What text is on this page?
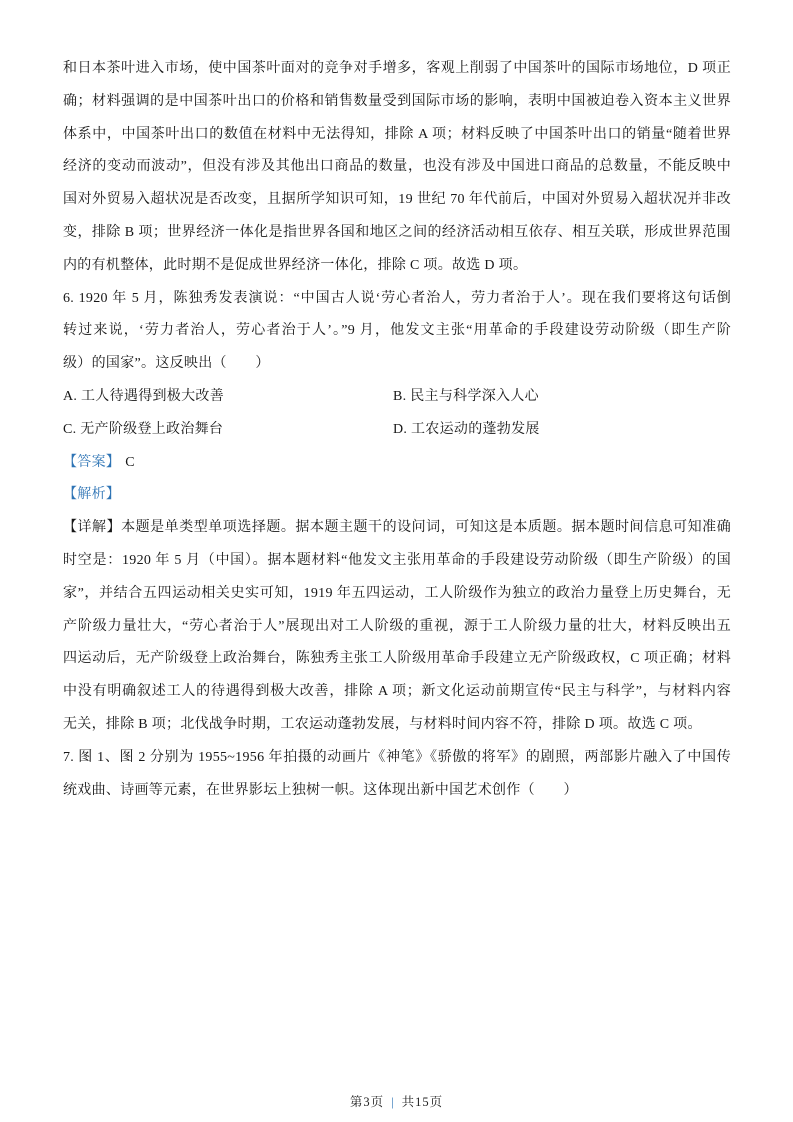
和日本茶叶进入市场，使中国茶叶面对的竞争对手增多，客观上削弱了中国茶叶的国际市场地位，D 项正
确；材料强调的是中国茶叶出口的价格和销售数量受到国际市场的影响，表明中国被迫卷入资本主义世界
体系中，中国茶叶出口的数值在材料中无法得知，排除 A 项；材料反映了中国茶叶出口的销量“随着世界
经济的变动而波动”，但没有涉及其他出口商品的数量，也没有涉及中国进口商品的总数量，不能反映中
国对外贸易入超状况是否改变，且据所学知识可知，19 世纪 70 年代前后，中国对外贸易入超状况并非改
变，排除 B 项；世界经济一体化是指世界各国和地区之间的经济活动相互依存、相互关联，形成世界范围
内的有机整体，此时期不是促成世界经济一体化，排除 C 项。故选 D 项。
6. 1920 年 5 月，陈独秀发表演说：“中国古人说‘劳心者治人，劳力者治于人’。现在我们要将这句话倒
转过来说，‘劳力者治人，劳心者治于人’。”9 月，他发文主张“用革命的手段建设劳动阶级（即生产阶
级）的国家”。这反映出（　　）
A. 工人待遇得到极大改善	B. 民主与科学深入人心
C. 无产阶级登上政治舞台	D. 工农运动的蓬勃发展
【答案】 C
【解析】
【详解】本题是单类型单项选择题。据本题主题干的设问词，可知这是本质题。据本题时间信息可知准确
时空是：1920 年 5 月（中国）。据本题材料“他发文主张用革命的手段建设劳动阶级（即生产阶级）的国
家”，并结合五四运动相关史实可知，1919 年五四运动，工人阶级作为独立的政治力量登上历史舞台，无
产阶级力量壮大，“劳心者治于人”展现出对工人阶级的重视，源于工人阶级力量的壮大，材料反映出五
四运动后，无产阶级登上政治舞台，陈独秀主张工人阶级用革命手段建立无产阶级政权，C 项正确；材料
中没有明确叙述工人的待遇得到极大改善，排除 A 项；新文化运动前期宣传“民主与科学”，与材料内容
无关，排除 B 项；北伐战争时期，工农运动蓬勃发展，与材料时间内容不符，排除 D 项。故选 C 项。
7. 图 1、图 2 分别为 1955~1956 年拍摄的动画片《神笔》《骄傲的将军》的剧照，两部影片融入了中国传
统戏曲、诗画等元素，在世界影坛上独树一帜。这体现出新中国艺术创作（　　）
第3页 | 共15页
